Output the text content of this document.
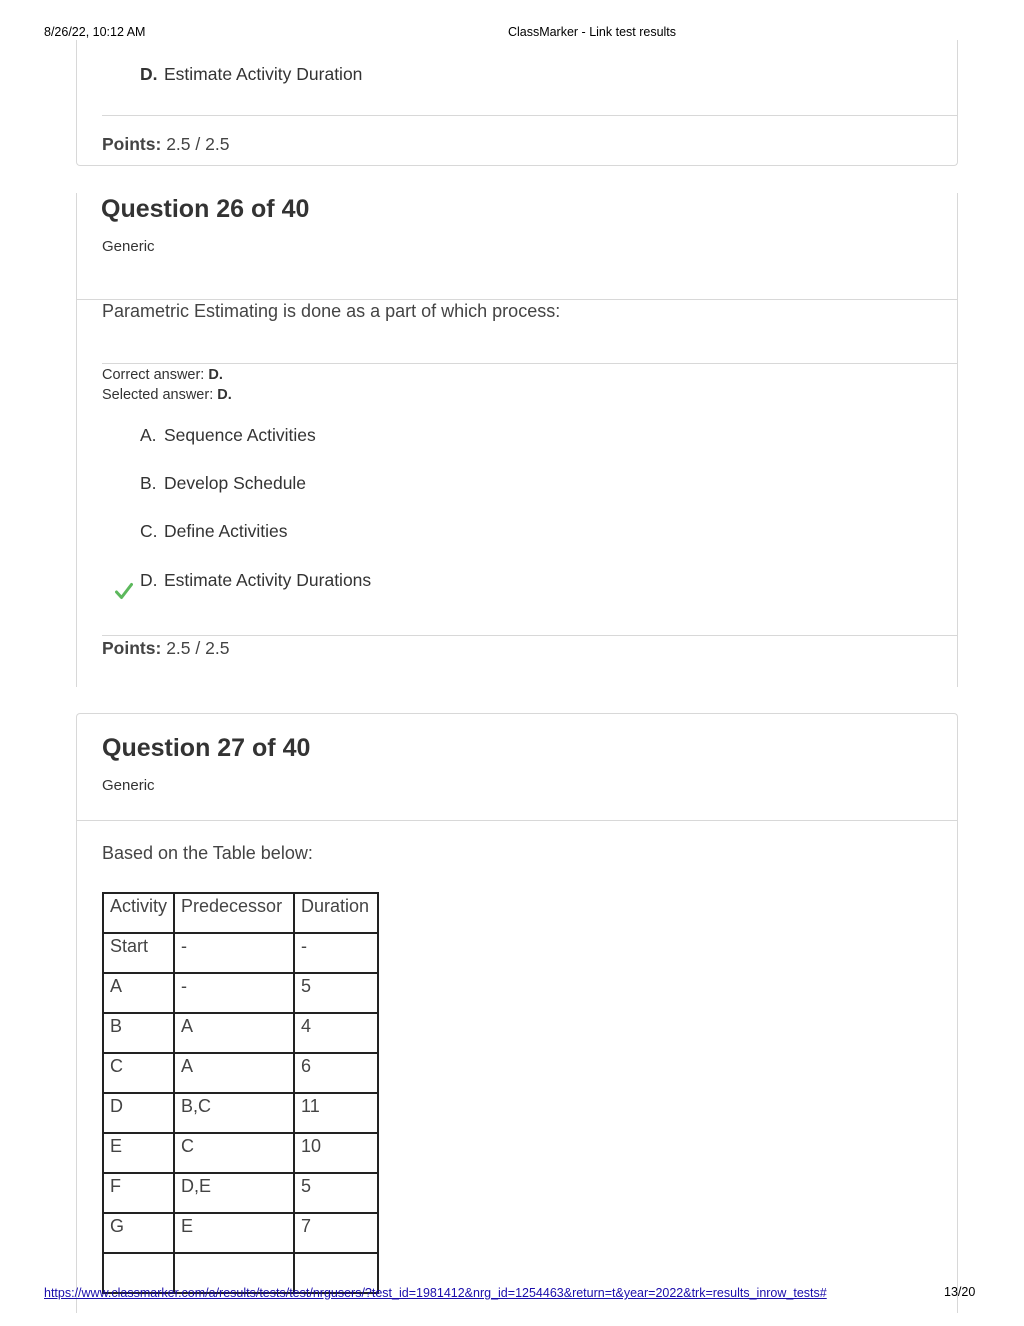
8/26/22, 10:12 AM	ClassMarker - Link test results
D. Estimate Activity Duration
Points: 2.5 / 2.5
Question 26 of 40
Generic
Parametric Estimating is done as a part of which process:
Correct answer: D.
Selected answer: D.
A. Sequence Activities
B. Develop Schedule
C. Define Activities
D. Estimate Activity Durations
Points: 2.5 / 2.5
Question 27 of 40
Generic
Based on the Table below:
Activity	Predecessor	Duration
Start	-	-
A	-	5
B	A	4
C	A	6
D	B,C	11
E	C	10
F	D,E	5
G	E	7

https://www.classmarker.com/a/results/tests/test/nrgusers/?test_id=1981412&nrg_id=1254463&return=t&year=2022&trk=results_inrow_tests#	13/20
